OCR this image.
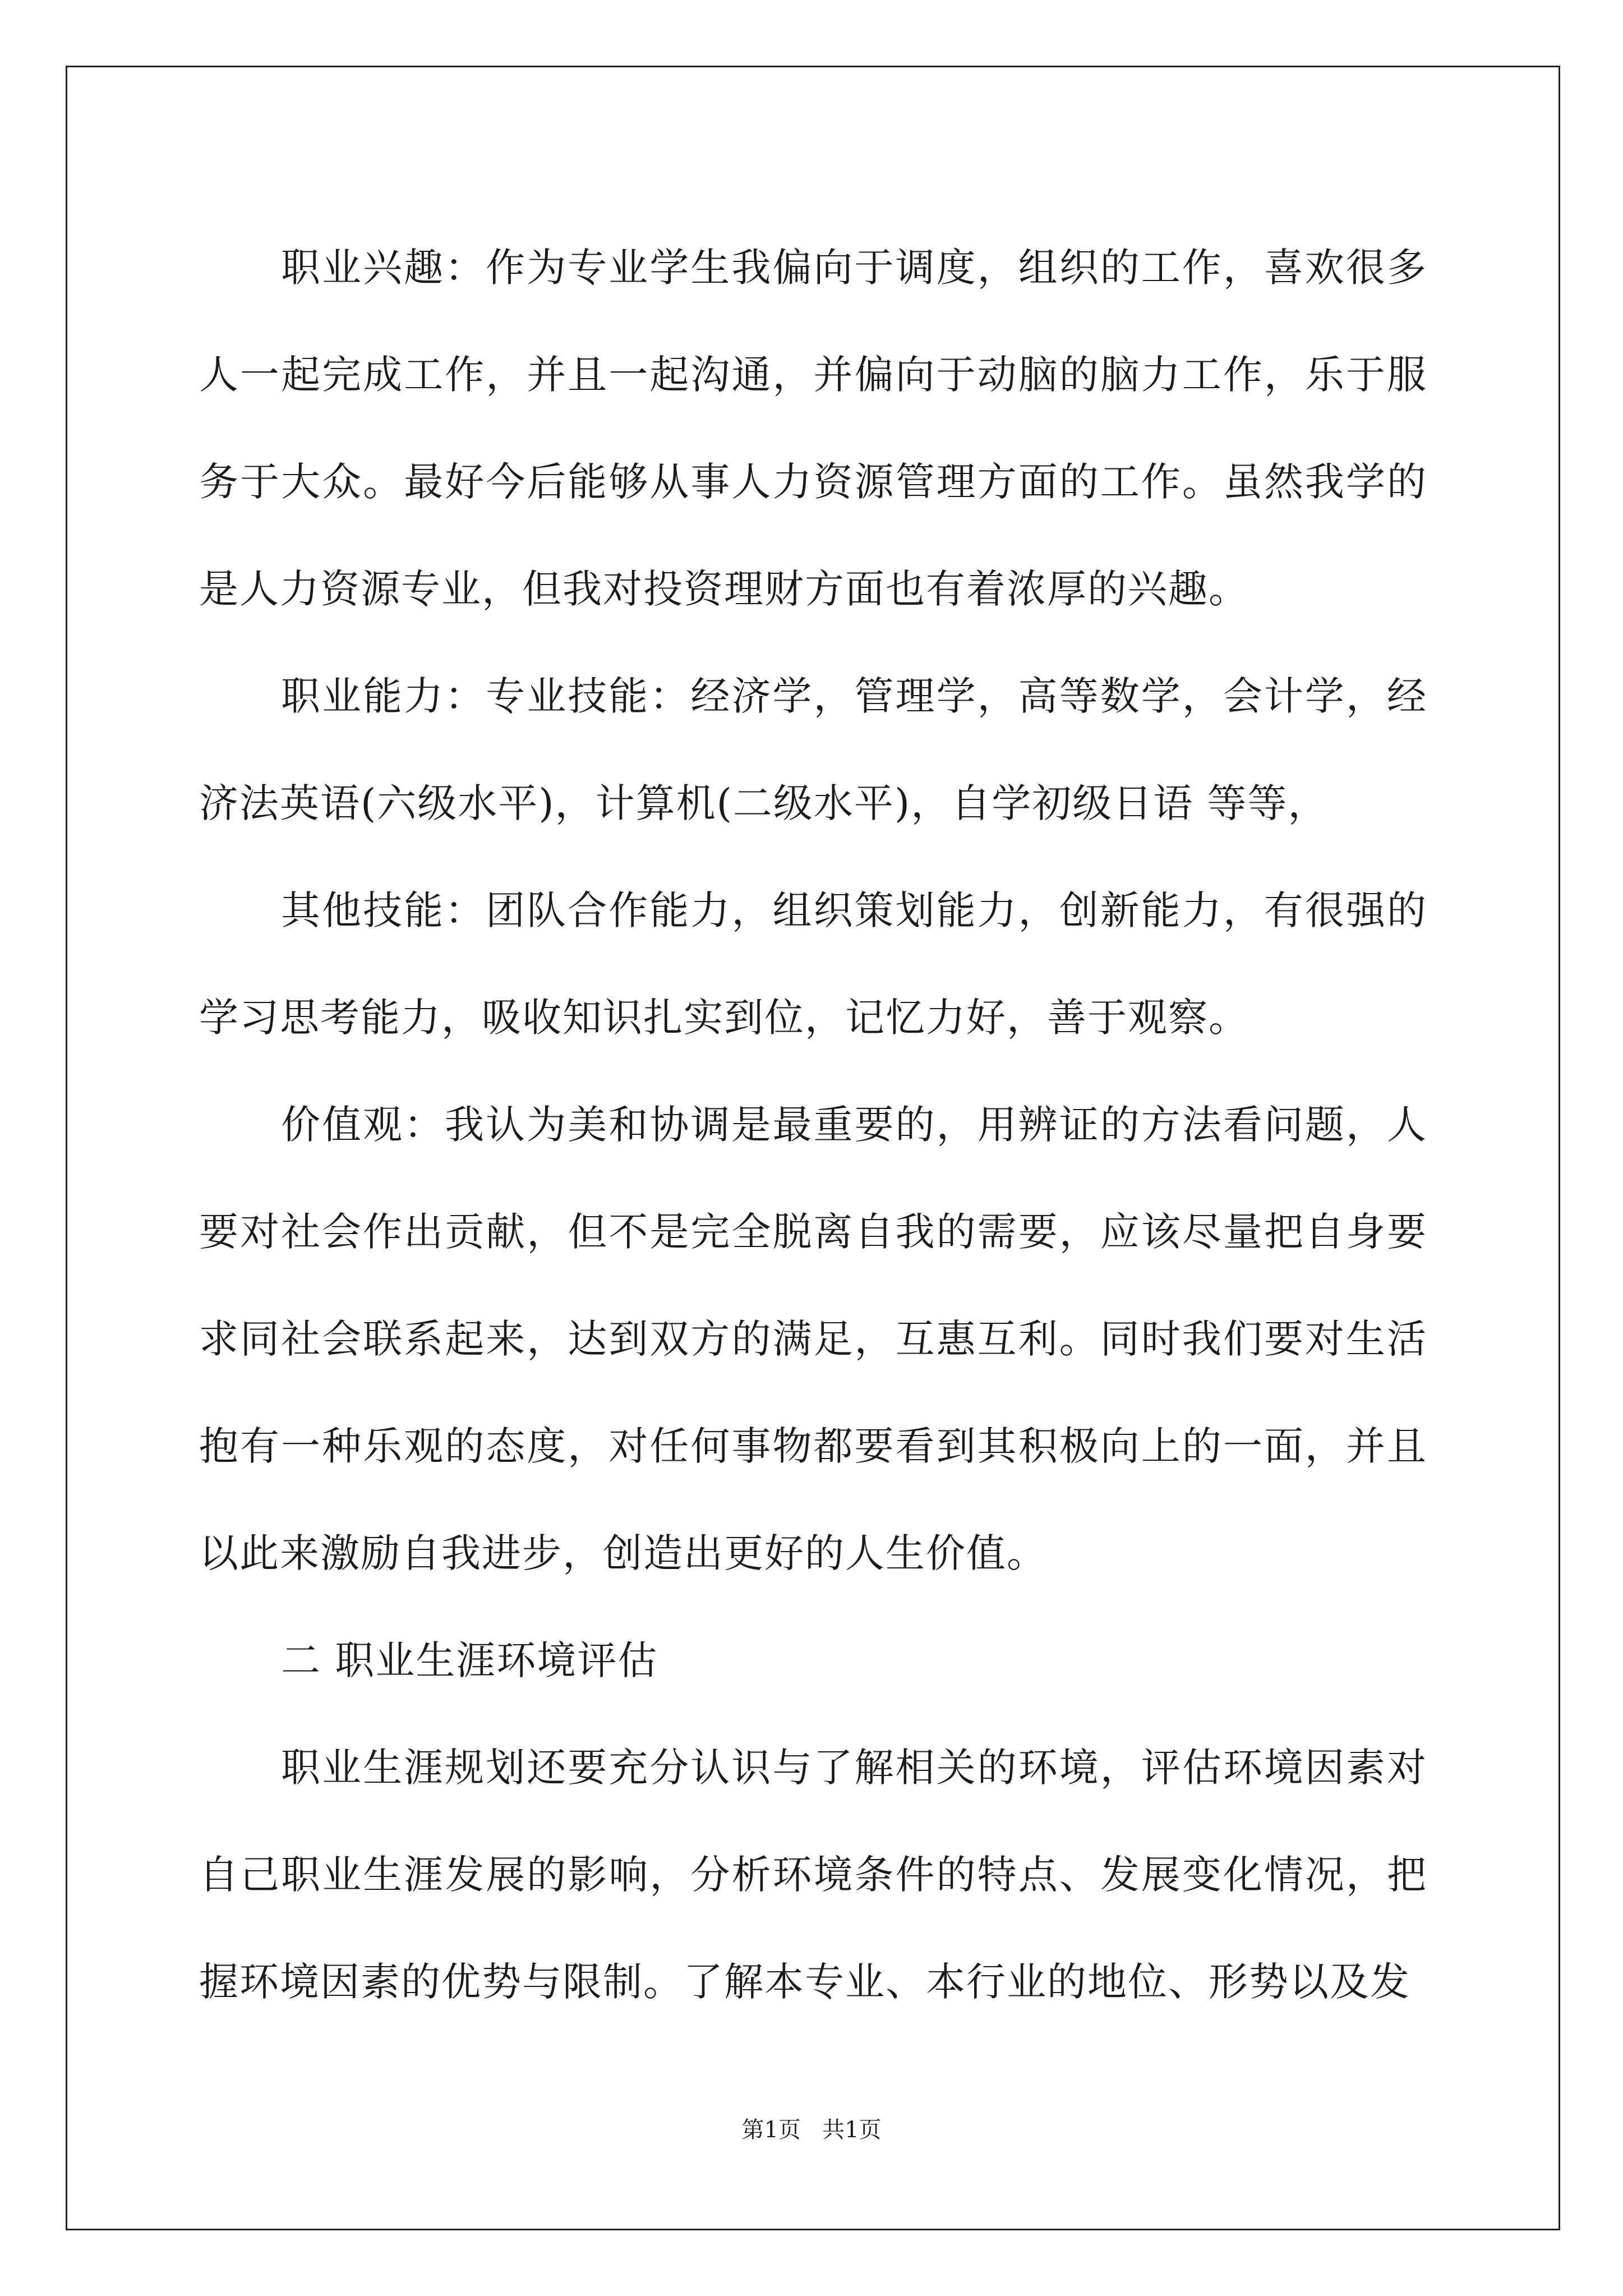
职业兴趣：作为专业学生我偏向于调度，组织的工作，喜欢很多人一起完成工作，并且一起沟通，并偏向于动脑的脑力工作，乐于服务于大众。最好今后能够从事人力资源管理方面的工作。虽然我学的是人力资源专业，但我对投资理财方面也有着浓厚的兴趣。

职业能力：专业技能：经济学，管理学，高等数学，会计学，经济法英语(六级水平)，计算机(二级水平)，自学初级日语 等等，

其他技能：团队合作能力，组织策划能力，创新能力，有很强的学习思考能力，吸收知识扎实到位，记忆力好，善于观察。

价值观：我认为美和协调是最重要的，用辨证的方法看问题，人要对社会作出贡献，但不是完全脱离自我的需要，应该尽量把自身要求同社会联系起来，达到双方的满足，互惠互利。同时我们要对生活抱有一种乐观的态度，对任何事物都要看到其积极向上的一面，并且以此来激励自我进步，创造出更好的人生价值。

二 职业生涯环境评估

职业生涯规划还要充分认识与了解相关的环境，评估环境因素对自己职业生涯发展的影响，分析环境条件的特点、发展变化情况，把握环境因素的优势与限制。了解本专业、本行业的地位、形势以及发

第1页 共1页
